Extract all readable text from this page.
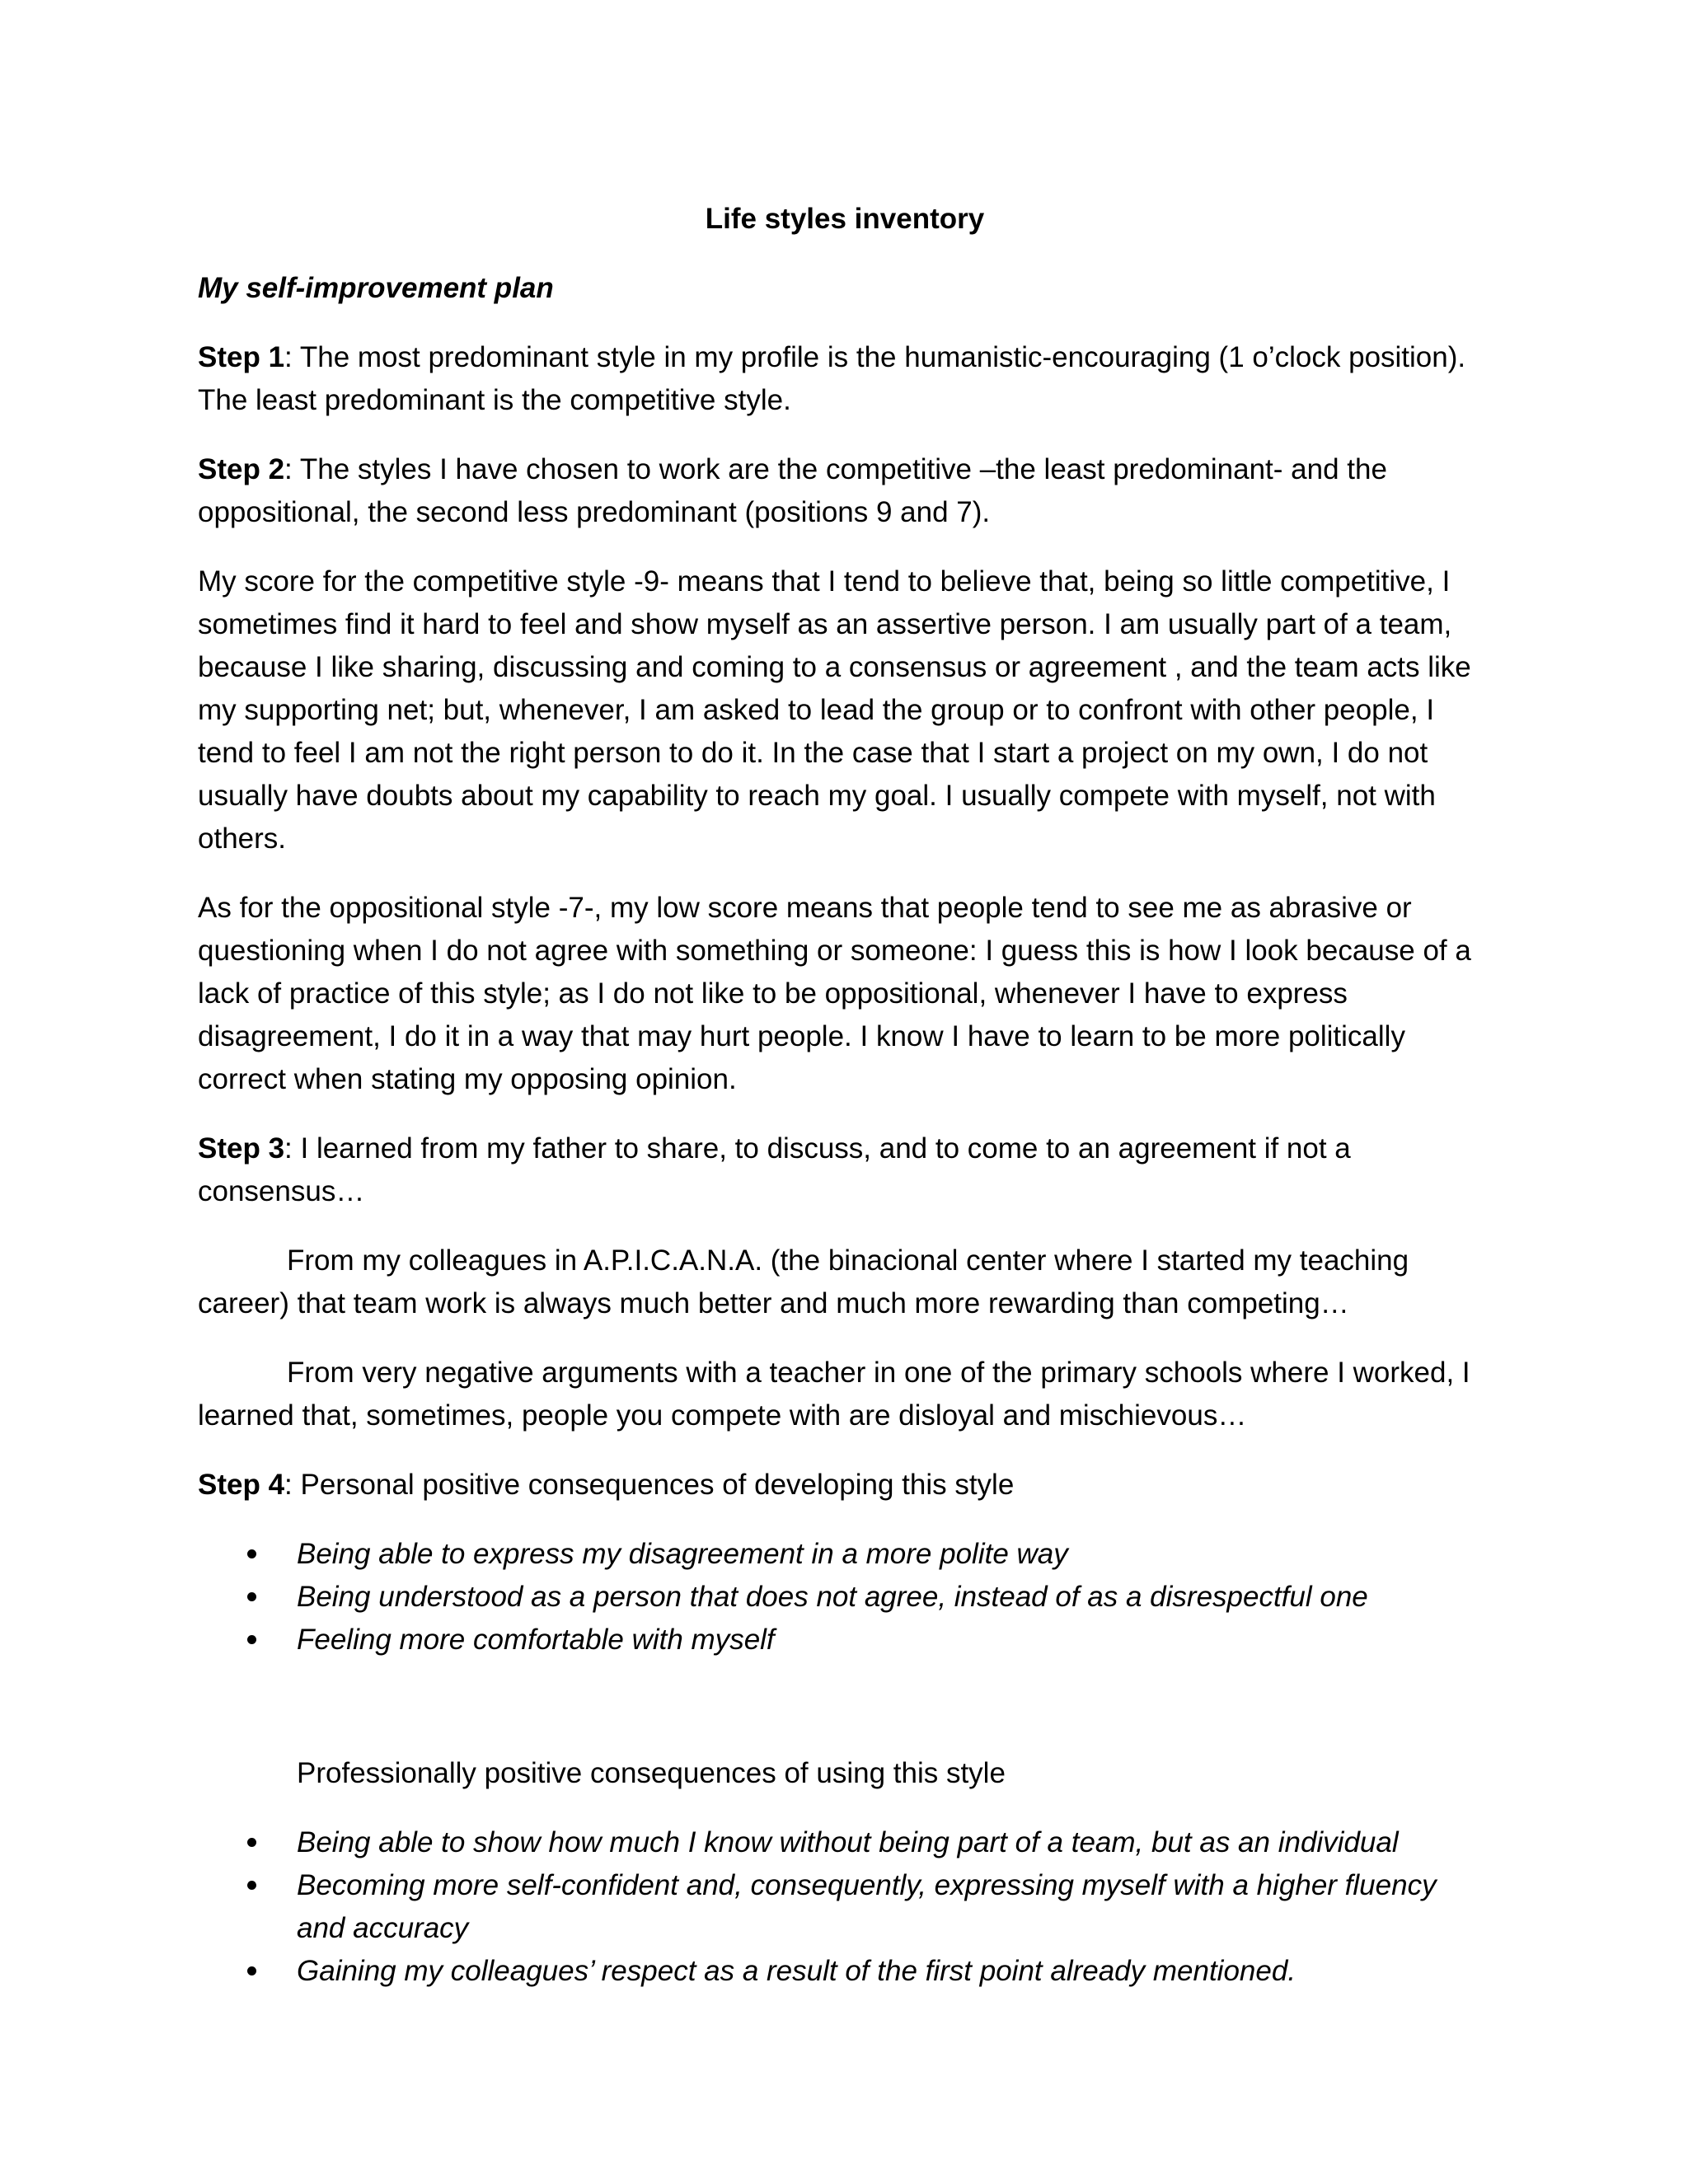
Life styles inventory
My self-improvement plan
Step 1: The most predominant style in my profile is the humanistic-encouraging (1 o’clock position). The least predominant is the competitive style.
Step 2: The styles I have chosen to work are the competitive –the least predominant- and the oppositional, the second less predominant (positions 9 and 7).
My score for the competitive style -9- means that I tend to believe that, being so little competitive, I sometimes find it hard to feel and show myself as an assertive person. I am usually part of a team, because I like sharing, discussing and coming to a consensus or agreement , and the team acts like my supporting net; but, whenever, I am asked to lead the group or to confront with other people, I tend to feel I am not the right person to do it. In the case that I start a project on my own, I do not usually have doubts about my capability to reach my goal. I usually compete with myself, not with others.
As for the oppositional style -7-, my low score means that people tend to see me as abrasive or questioning when I do not agree with something or someone: I guess this is how I look because of a lack of practice of this style; as I do not like to be oppositional, whenever I have to express disagreement, I do it in a way that may hurt people. I know I have to learn to be more politically correct when stating my opposing opinion.
Step 3: I learned from my father to share, to discuss, and to come to an agreement if not a consensus…
From my colleagues in A.P.I.C.A.N.A. (the binacional center where I started my teaching career) that team work is always much better and much more rewarding than competing…
From very negative arguments with a teacher in one of the primary schools where I worked, I learned that, sometimes, people you compete with are disloyal and mischievous…
Step 4: Personal positive consequences of developing this style
Being able to express my disagreement in a more polite way
Being understood as a person that does not agree, instead of as a disrespectful one
Feeling more comfortable with myself
Professionally positive consequences of using this style
Being able to show how much I know without being part of a team, but as an individual
Becoming more self-confident and, consequently, expressing myself with a higher fluency and accuracy
Gaining my colleagues’ respect as a result of the first point already mentioned.
